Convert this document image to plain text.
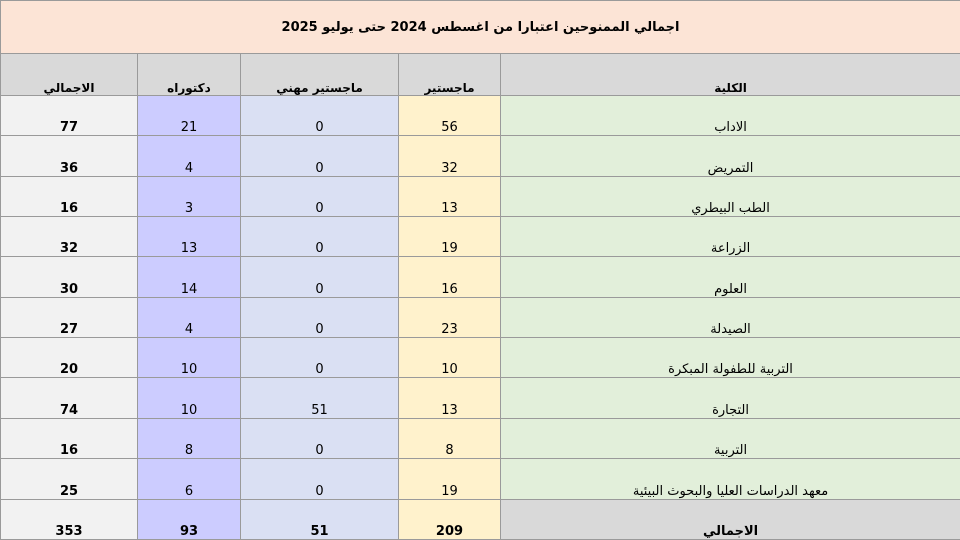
اجمالي الممنوحين اعتبارا من اغسطس 2024 حتى يوليو 2025				
الاجمالي	دكتوراه	ماجستير مهني	ماجستير	الكلية
77	21	0	56	الاداب
36	4	0	32	التمريض
16	3	0	13	الطب البيطري
32	13	0	19	الزراعة
30	14	0	16	العلوم
27	4	0	23	الصيدلة
20	10	0	10	التربية للطفولة المبكرة
74	10	51	13	التجارة
16	8	0	8	التربية
25	6	0	19	معهد الدراسات العليا والبحوث البيئية
353	93	51	209	الاجمالي
